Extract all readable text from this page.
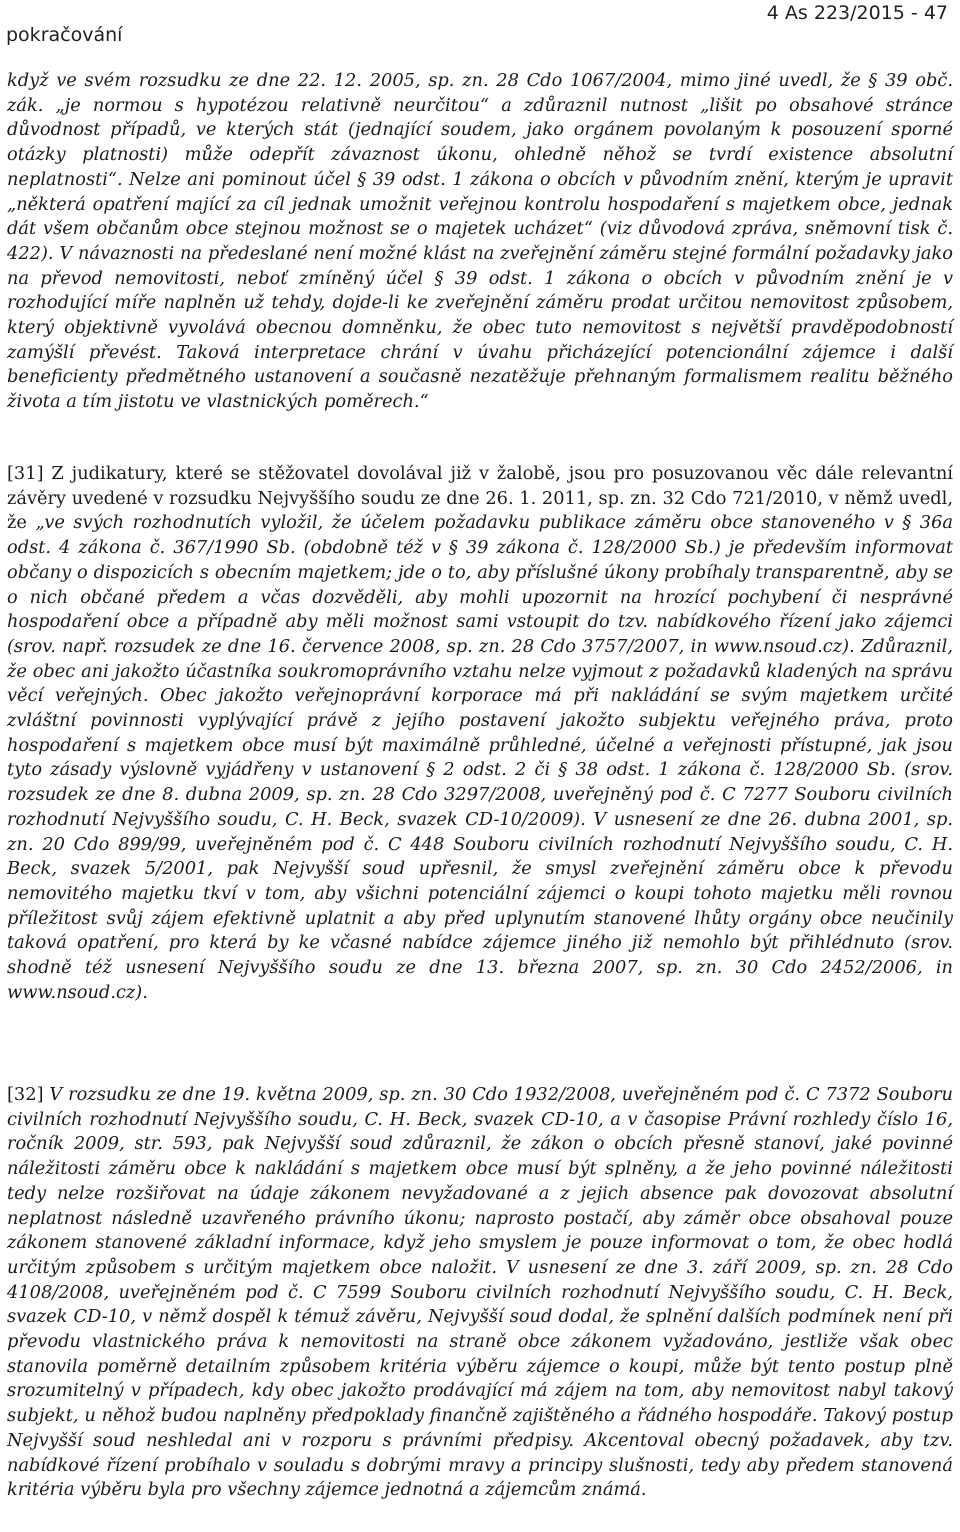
pokračování
4 As 223/2015 - 47

když ve svém rozsudku ze dne 22. 12. 2005, sp. zn. 28 Cdo 1067/2004, mimo jiné uvedl, že § 39 obč. zák. „je normou s hypotézou relativně neurčitou“ a zdůraznil nutnost „lišit po obsahové stránce důvodnost případů, ve kterých stát (jednající soudem, jako orgánem povolaným k posouzení sporné otázky platnosti) může odepřít závaznost úkonu, ohledně něhož se tvrdí existence absolutní neplatnosti“. Nelze ani pominout účel § 39 odst. 1 zákona o obcích v původním znění, kterým je upravit „některá opatření mající za cíl jednak umožnit veřejnou kontrolu hospodaření s majetkem obce, jednak dát všem občanům obce stejnou možnost se o majetek ucházet“ (viz důvodová zpráva, sněmovní tisk č. 422). V návaznosti na předeslané není možné klást na zveřejnění záměru stejné formální požadavky jako na převod nemovitosti, neboť zmíněný účel § 39 odst. 1 zákona o obcích v původním znění je v rozhodující míře naplněn už tehdy, dojde-li ke zveřejnění záměru prodat určitou nemovitost způsobem, který objektivně vyvolává obecnou domněnku, že obec tuto nemovitost s největší pravděpodobností zamýšlí převést. Taková interpretace chrání v úvahu přicházející potencionální zájemce i další beneficienty předmětného ustanovení a současně nezatěžuje přehnaným formalismem realitu běžného života a tím jistotu ve vlastnických poměrech.“

[31] Z judikatury, které se stěžovatel dovolával již v žalobě, jsou pro posuzovanou věc dále relevantní závěry uvedené v rozsudku Nejvyššího soudu ze dne 26. 1. 2011, sp. zn. 32 Cdo 721/2010, v němž uvedl, že „ve svých rozhodnutích vyložil, že účelem požadavku publikace záměru obce stanoveného v § 36a odst. 4 zákona č. 367/1990 Sb. (obdobně též v § 39 zákona č. 128/2000 Sb.) je především informovat občany o dispozicích s obecním majetkem; jde o to, aby příslušné úkony probíhaly transparentně, aby se o nich občané předem a včas dozvěděli, aby mohli upozornit na hrozící pochybení či nesprávné hospodaření obce a případně aby měli možnost sami vstoupit do tzv. nabídkového řízení jako zájemci (srov. např. rozsudek ze dne 16. července 2008, sp. zn. 28 Cdo 3757/2007, in www.nsoud.cz). Zdůraznil, že obec ani jakožto účastníka soukromoprávního vztahu nelze vyjmout z požadavků kladených na správu věcí veřejných. Obec jakožto veřejnoprávní korporace má při nakládání se svým majetkem určité zvláštní povinnosti vyplývající právě z jejího postavení jakožto subjektu veřejného práva, proto hospodaření s majetkem obce musí být maximálně průhledné, účelné a veřejnosti přístupné, jak jsou tyto zásady výslovně vyjádřeny v ustanovení § 2 odst. 2 či § 38 odst. 1 zákona č. 128/2000 Sb. (srov. rozsudek ze dne 8. dubna 2009, sp. zn. 28 Cdo 3297/2008, uveřejněný pod č. C 7277 Souboru civilních rozhodnutí Nejvyššího soudu, C. H. Beck, svazek CD-10/2009). V usnesení ze dne 26. dubna 2001, sp. zn. 20 Cdo 899/99, uveřejněném pod č. C 448 Souboru civilních rozhodnutí Nejvyššího soudu, C. H. Beck, svazek 5/2001, pak Nejvyšší soud upřesnil, že smysl zveřejnění záměru obce k převodu nemovitého majetku tkví v tom, aby všichni potenciální zájemci o koupi tohoto majetku měli rovnou příležitost svůj zájem efektivně uplatnit a aby před uplynutím stanovené lhůty orgány obce neučinily taková opatření, pro která by ke včasné nabídce zájemce jiného již nemohlo být přihlédnuto (srov. shodně též usnesení Nejvyššího soudu ze dne 13. března 2007, sp. zn. 30 Cdo 2452/2006, in www.nsoud.cz).

[32] V rozsudku ze dne 19. května 2009, sp. zn. 30 Cdo 1932/2008, uveřejněném pod č. C 7372 Souboru civilních rozhodnutí Nejvyššího soudu, C. H. Beck, svazek CD-10, a v časopise Právní rozhledy číslo 16, ročník 2009, str. 593, pak Nejvyšší soud zdůraznil, že zákon o obcích přesně stanoví, jaké povinné náležitosti záměru obce k nakládání s majetkem obce musí být splněny, a že jeho povinné náležitosti tedy nelze rozšiřovat na údaje zákonem nevyžadované a z jejich absence pak dovozovat absolutní neplatnost následně uzavřeného právního úkonu; naprosto postačí, aby záměr obce obsahoval pouze zákonem stanovené základní informace, když jeho smyslem je pouze informovat o tom, že obec hodlá určitým způsobem s určitým majetkem obce naložit. V usnesení ze dne 3. září 2009, sp. zn. 28 Cdo 4108/2008, uveřejněném pod č. C 7599 Souboru civilních rozhodnutí Nejvyššího soudu, C. H. Beck, svazek CD-10, v němž dospěl k témuž závěru, Nejvyšší soud dodal, že splnění dalších podmínek není při převodu vlastnického práva k nemovitosti na straně obce zákonem vyžadováno, jestliže však obec stanovila poměrně detailním způsobem kritéria výběru zájemce o koupi, může být tento postup plně srozumitelný v případech, kdy obec jakožto prodávající má zájem na tom, aby nemovitost nabyl takový subjekt, u něhož budou naplněny předpoklady finančně zajištěného a řádného hospodáře. Takový postup Nejvyšší soud neshledal ani v rozporu s právními předpisy. Akcentoval obecný požadavek, aby tzv. nabídkové řízení probíhalo v souladu s dobrými mravy a principy slušnosti, tedy aby předem stanovená kritéria výběru byla pro všechny zájemce jednotná a zájemcům známá.
